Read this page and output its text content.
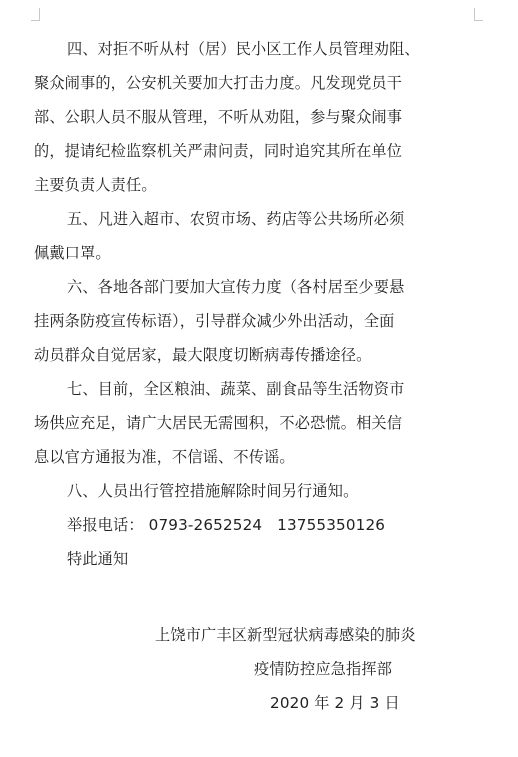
四、对拒不听从村（居）民小区工作人员管理劝阻、
聚众闹事的，公安机关要加大打击力度。凡发现党员干
部、公职人员不服从管理，不听从劝阻，参与聚众闹事
的，提请纪检监察机关严肃问责，同时追究其所在单位
主要负责人责任。
五、凡进入超市、农贸市场、药店等公共场所必须
佩戴口罩。
六、各地各部门要加大宣传力度（各村居至少要悬
挂两条防疫宣传标语），引导群众减少外出活动，全面
动员群众自觉居家，最大限度切断病毒传播途径。
七、目前，全区粮油、蔬菜、副食品等生活物资市
场供应充足，请广大居民无需囤积，不必恐慌。相关信
息以官方通报为准，不信谣、不传谣。
八、人员出行管控措施解除时间另行通知。
举报电话： 0793-2652524   13755350126
特此通知
上饶市广丰区新型冠状病毒感染的肺炎
疫情防控应急指挥部
2020 年 2 月 3 日
